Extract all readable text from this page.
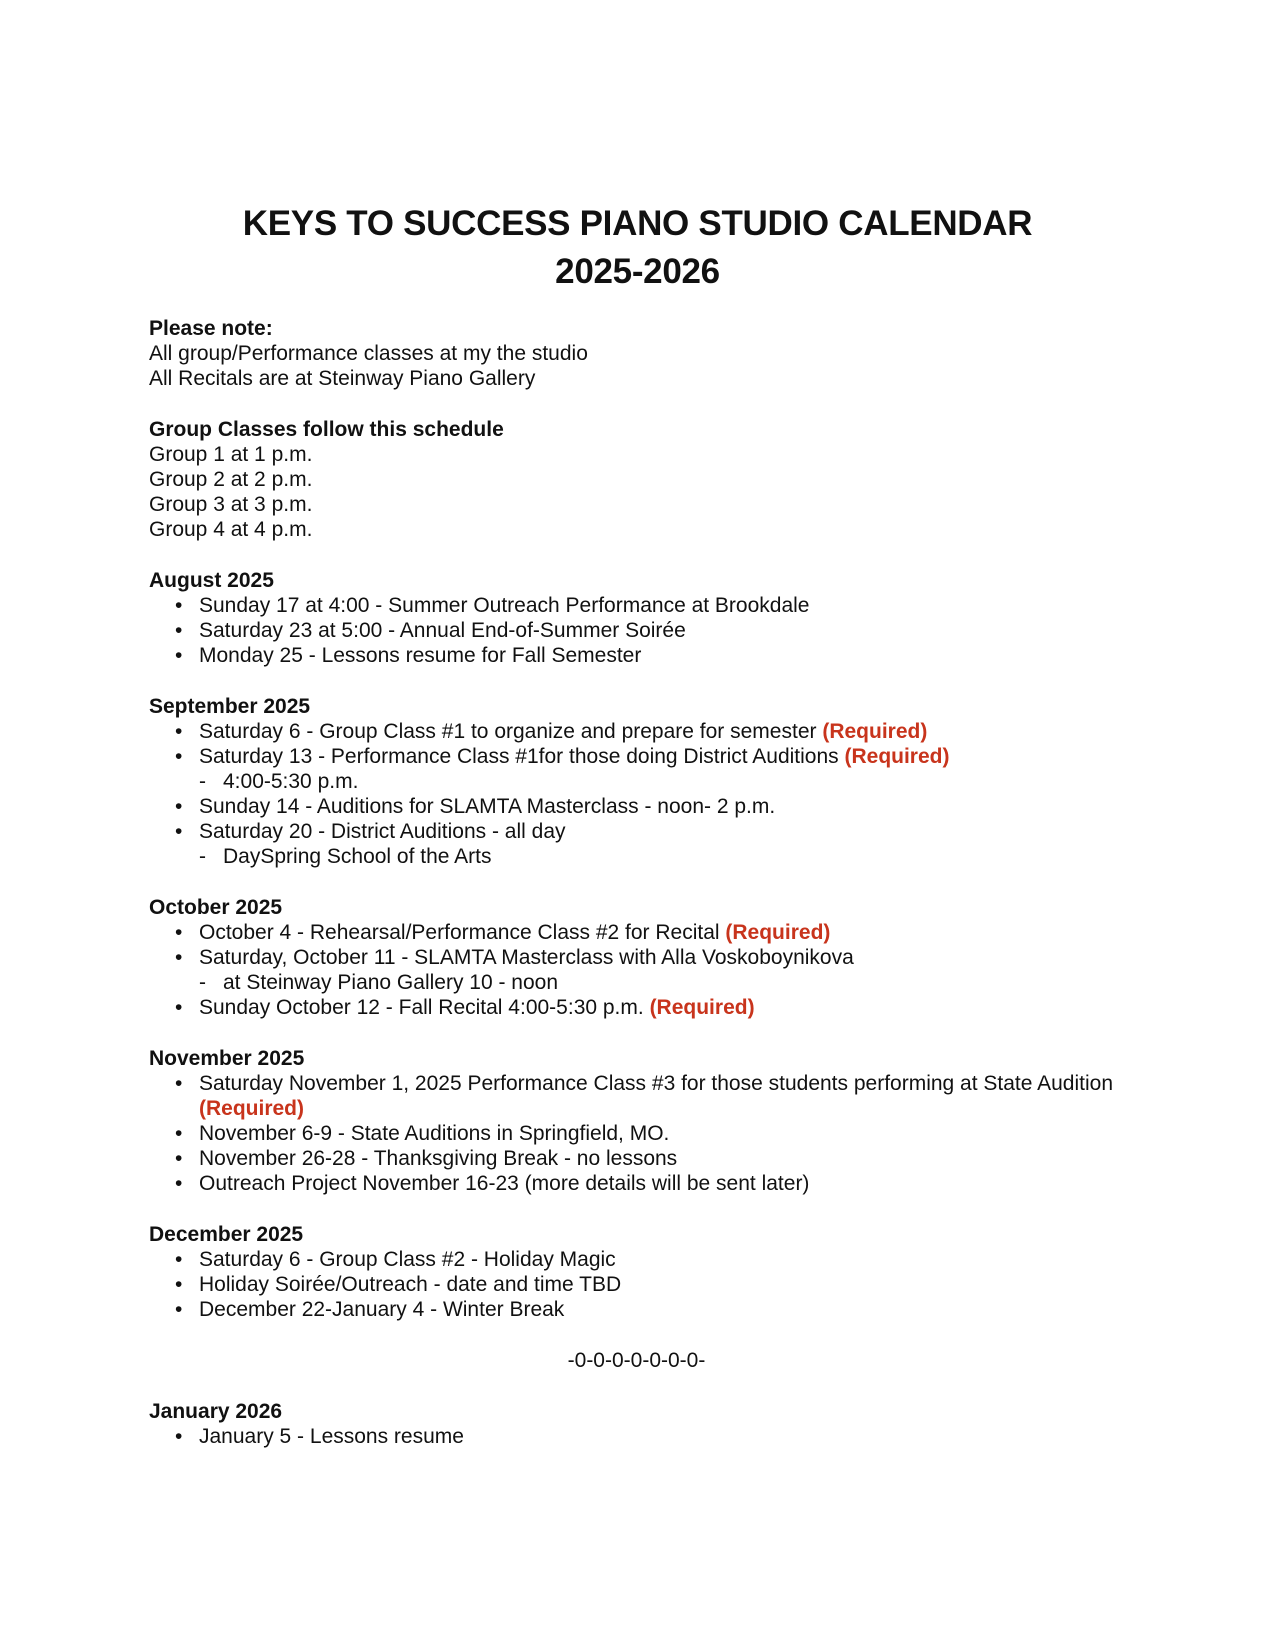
KEYS TO SUCCESS PIANO STUDIO CALENDAR
2025-2026

Please note:

All group/Performance classes at my the studio

All Recitals are at Steinway Piano Gallery

Group Classes follow this schedule

Group 1 at 1 p.m.

Group 2 at 2 p.m.

Group 3 at 3 p.m.

Group 4 at 4 p.m.

August 2025

• Sunday 17 at 4:00 - Summer Outreach Performance at Brookdale
• Saturday 23 at 5:00 - Annual End-of-Summer Soirée
• Monday 25 - Lessons resume for Fall Semester

September 2025

• Saturday 6 - Group Class #1 to organize and prepare for semester (Required)
• Saturday 13 - Performance Class #1for those doing District Auditions (Required)
- 4:00-5:30 p.m.
• Sunday 14 - Auditions for SLAMTA Masterclass - noon- 2 p.m.
• Saturday 20 - District Auditions - all day
- DaySpring School of the Arts

October 2025

• October 4 - Rehearsal/Performance Class #2 for Recital (Required)
• Saturday, October 11 - SLAMTA Masterclass with Alla Voskoboynikova
- at Steinway Piano Gallery 10 - noon
• Sunday October 12 - Fall Recital 4:00-5:30 p.m. (Required)

November 2025

• Saturday November 1, 2025 Performance Class #3 for those students performing at State Audition (Required)
• November 6-9 - State Auditions in Springfield, MO.
• November 26-28 - Thanksgiving Break - no lessons
• Outreach Project November 16-23 (more details will be sent later)

December 2025

• Saturday 6 - Group Class #2 - Holiday Magic
• Holiday Soirée/Outreach - date and time TBD
• December 22-January 4 - Winter Break

-0-0-0-0-0-0-0-

January 2026

• January 5 - Lessons resume
